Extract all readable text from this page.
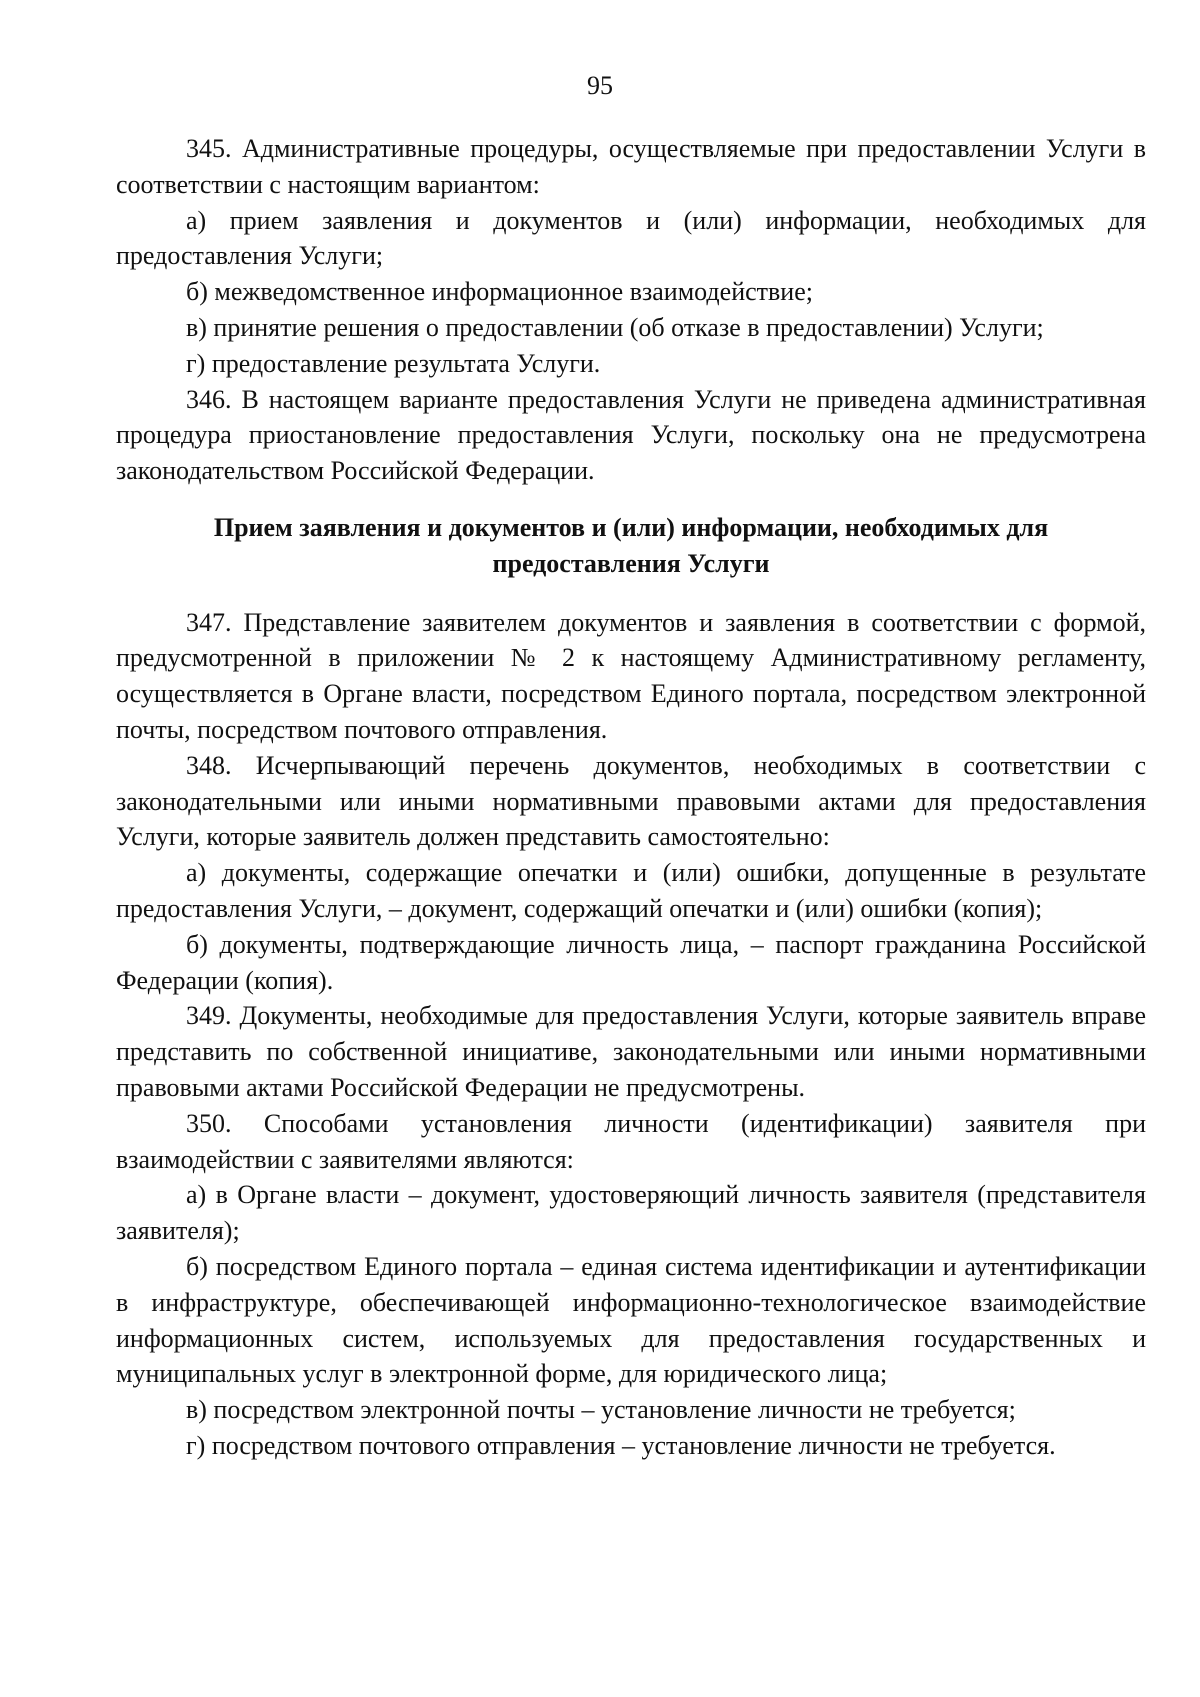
95

345. Административные процедуры, осуществляемые при предоставлении Услуги в соответствии с настоящим вариантом:

а) прием заявления и документов и (или) информации, необходимых для предоставления Услуги;

б) межведомственное информационное взаимодействие;

в) принятие решения о предоставлении (об отказе в предоставлении) Услуги;

г) предоставление результата Услуги.

346. В настоящем варианте предоставления Услуги не приведена административная процедура приостановление предоставления Услуги, поскольку она не предусмотрена законодательством Российской Федерации.

Прием заявления и документов и (или) информации, необходимых для предоставления Услуги

347. Представление заявителем документов и заявления в соответствии с формой, предусмотренной в приложении № 2 к настоящему Административному регламенту, осуществляется в Органе власти, посредством Единого портала, посредством электронной почты, посредством почтового отправления.

348. Исчерпывающий перечень документов, необходимых в соответствии с законодательными или иными нормативными правовыми актами для предоставления Услуги, которые заявитель должен представить самостоятельно:

а) документы, содержащие опечатки и (или) ошибки, допущенные в результате предоставления Услуги, – документ, содержащий опечатки и (или) ошибки (копия);

б) документы, подтверждающие личность лица, – паспорт гражданина Российской Федерации (копия).

349. Документы, необходимые для предоставления Услуги, которые заявитель вправе представить по собственной инициативе, законодательными или иными нормативными правовыми актами Российской Федерации не предусмотрены.

350. Способами установления личности (идентификации) заявителя при взаимодействии с заявителями являются:

а) в Органе власти – документ, удостоверяющий личность заявителя (представителя заявителя);

б) посредством Единого портала – единая система идентификации и аутентификации в инфраструктуре, обеспечивающей информационно-технологическое взаимодействие информационных систем, используемых для предоставления государственных и муниципальных услуг в электронной форме, для юридического лица;

в) посредством электронной почты – установление личности не требуется;

г) посредством почтового отправления – установление личности не требуется.
